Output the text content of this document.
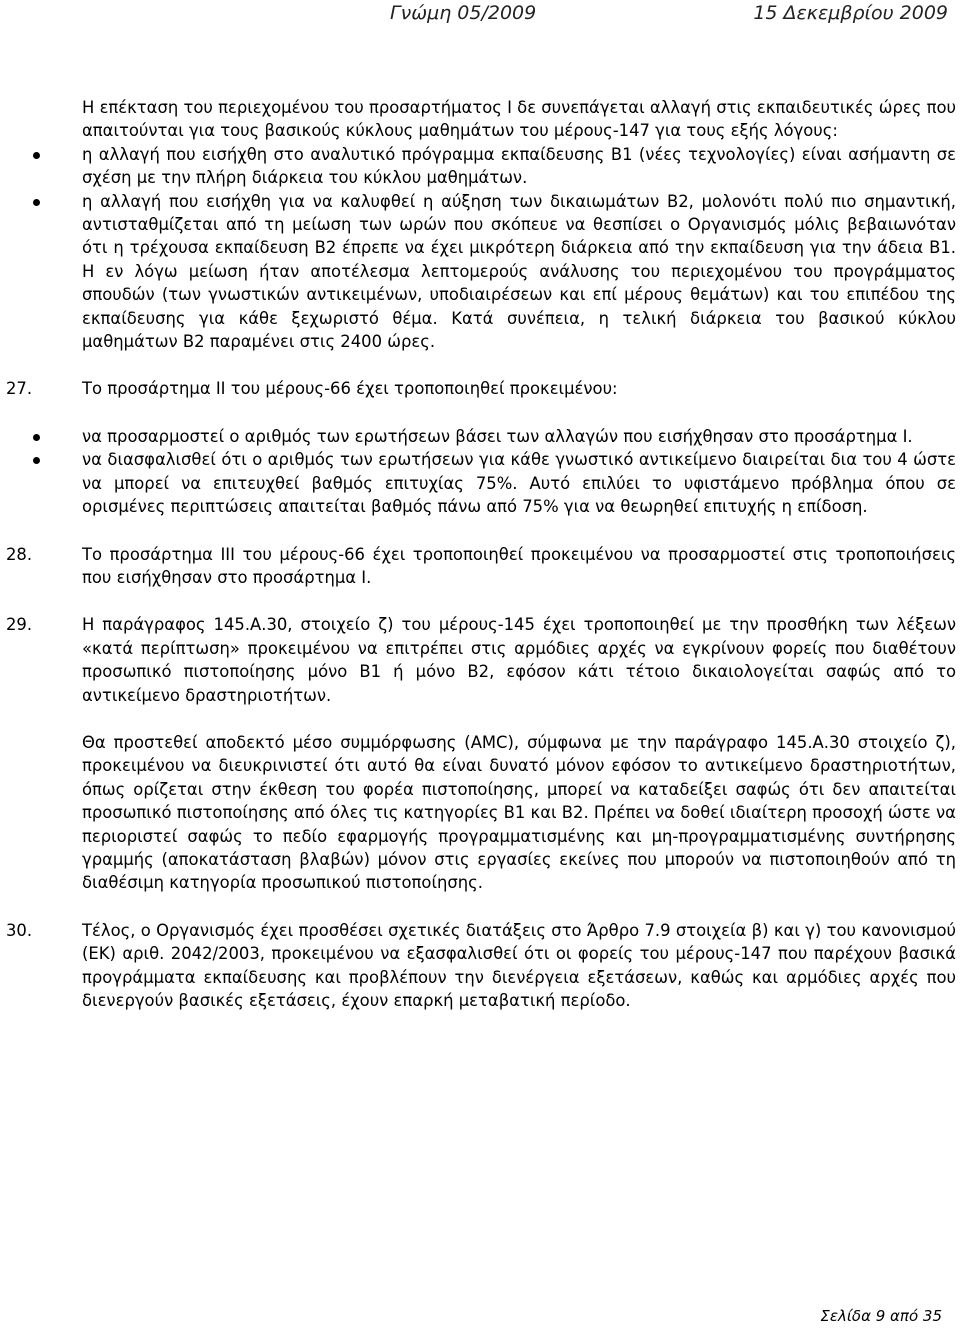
Γνώμη 05/2009	15 Δεκεμβρίου 2009

Η επέκταση του περιεχομένου του προσαρτήματος Ι δε συνεπάγεται αλλαγή στις εκπαιδευτικές ώρες που απαιτούνται για τους βασικούς κύκλους μαθημάτων του μέρους-147 για τους εξής λόγους:

η αλλαγή που εισήχθη στο αναλυτικό πρόγραμμα εκπαίδευσης Β1 (νέες τεχνολογίες) είναι ασήμαντη σε σχέση με την πλήρη διάρκεια του κύκλου μαθημάτων.
η αλλαγή που εισήχθη για να καλυφθεί η αύξηση των δικαιωμάτων Β2, μολονότι πολύ πιο σημαντική, αντισταθμίζεται από τη μείωση των ωρών που σκόπευε να θεσπίσει ο Οργανισμός μόλις βεβαιωνόταν ότι η τρέχουσα εκπαίδευση Β2 έπρεπε να έχει μικρότερη διάρκεια από την εκπαίδευση για την άδεια Β1. Η εν λόγω μείωση ήταν αποτέλεσμα λεπτομερούς ανάλυσης του περιεχομένου του προγράμματος σπουδών (των γνωστικών αντικειμένων, υποδιαιρέσεων και επί μέρους θεμάτων) και του επιπέδου της εκπαίδευσης για κάθε ξεχωριστό θέμα. Κατά συνέπεια, η τελική διάρκεια του βασικού κύκλου μαθημάτων Β2 παραμένει στις 2400 ώρες.
27.	Το προσάρτημα ΙΙ του μέρους-66 έχει τροποποιηθεί προκειμένου:

να προσαρμοστεί ο αριθμός των ερωτήσεων βάσει των αλλαγών που εισήχθησαν στο προσάρτημα Ι.
να διασφαλισθεί ότι ο αριθμός των ερωτήσεων για κάθε γνωστικό αντικείμενο διαιρείται δια του 4 ώστε να μπορεί να επιτευχθεί βαθμός επιτυχίας 75%. Αυτό επιλύει το υφιστάμενο πρόβλημα όπου σε ορισμένες περιπτώσεις απαιτείται βαθμός πάνω από 75% για να θεωρηθεί επιτυχής η επίδοση.
28.	Το προσάρτημα ΙΙΙ του μέρους-66 έχει τροποποιηθεί προκειμένου να προσαρμοστεί στις τροποποιήσεις που εισήχθησαν στο προσάρτημα Ι.

29.	Η παράγραφος 145.Α.30, στοιχείο ζ) του μέρους-145 έχει τροποποιηθεί με την προσθήκη των λέξεων «κατά περίπτωση» προκειμένου να επιτρέπει στις αρμόδιες αρχές να εγκρίνουν φορείς που διαθέτουν προσωπικό πιστοποίησης μόνο Β1 ή μόνο Β2, εφόσον κάτι τέτοιο δικαιολογείται σαφώς από το αντικείμενο δραστηριοτήτων.

Θα προστεθεί αποδεκτό μέσο συμμόρφωσης (AMC), σύμφωνα με την παράγραφο 145.Α.30 στοιχείο ζ), προκειμένου να διευκρινιστεί ότι αυτό θα είναι δυνατό μόνον εφόσον το αντικείμενο δραστηριοτήτων, όπως ορίζεται στην έκθεση του φορέα πιστοποίησης, μπορεί να καταδείξει σαφώς ότι δεν απαιτείται προσωπικό πιστοποίησης από όλες τις κατηγορίες Β1 και Β2. Πρέπει να δοθεί ιδιαίτερη προσοχή ώστε να περιοριστεί σαφώς το πεδίο εφαρμογής προγραμματισμένης και μη-προγραμματισμένης συντήρησης γραμμής (αποκατάσταση βλαβών) μόνον στις εργασίες εκείνες που μπορούν να πιστοποιηθούν από τη διαθέσιμη κατηγορία προσωπικού πιστοποίησης.

30.	Τέλος, ο Οργανισμός έχει προσθέσει σχετικές διατάξεις στο Άρθρο 7.9 στοιχεία β) και γ) του κανονισμού (ΕΚ) αριθ. 2042/2003, προκειμένου να εξασφαλισθεί ότι οι φορείς του μέρους-147 που παρέχουν βασικά προγράμματα εκπαίδευσης και προβλέπουν την διενέργεια εξετάσεων, καθώς και αρμόδιες αρχές που διενεργούν βασικές εξετάσεις, έχουν επαρκή μεταβατική περίοδο.

Σελίδα 9 από 35
